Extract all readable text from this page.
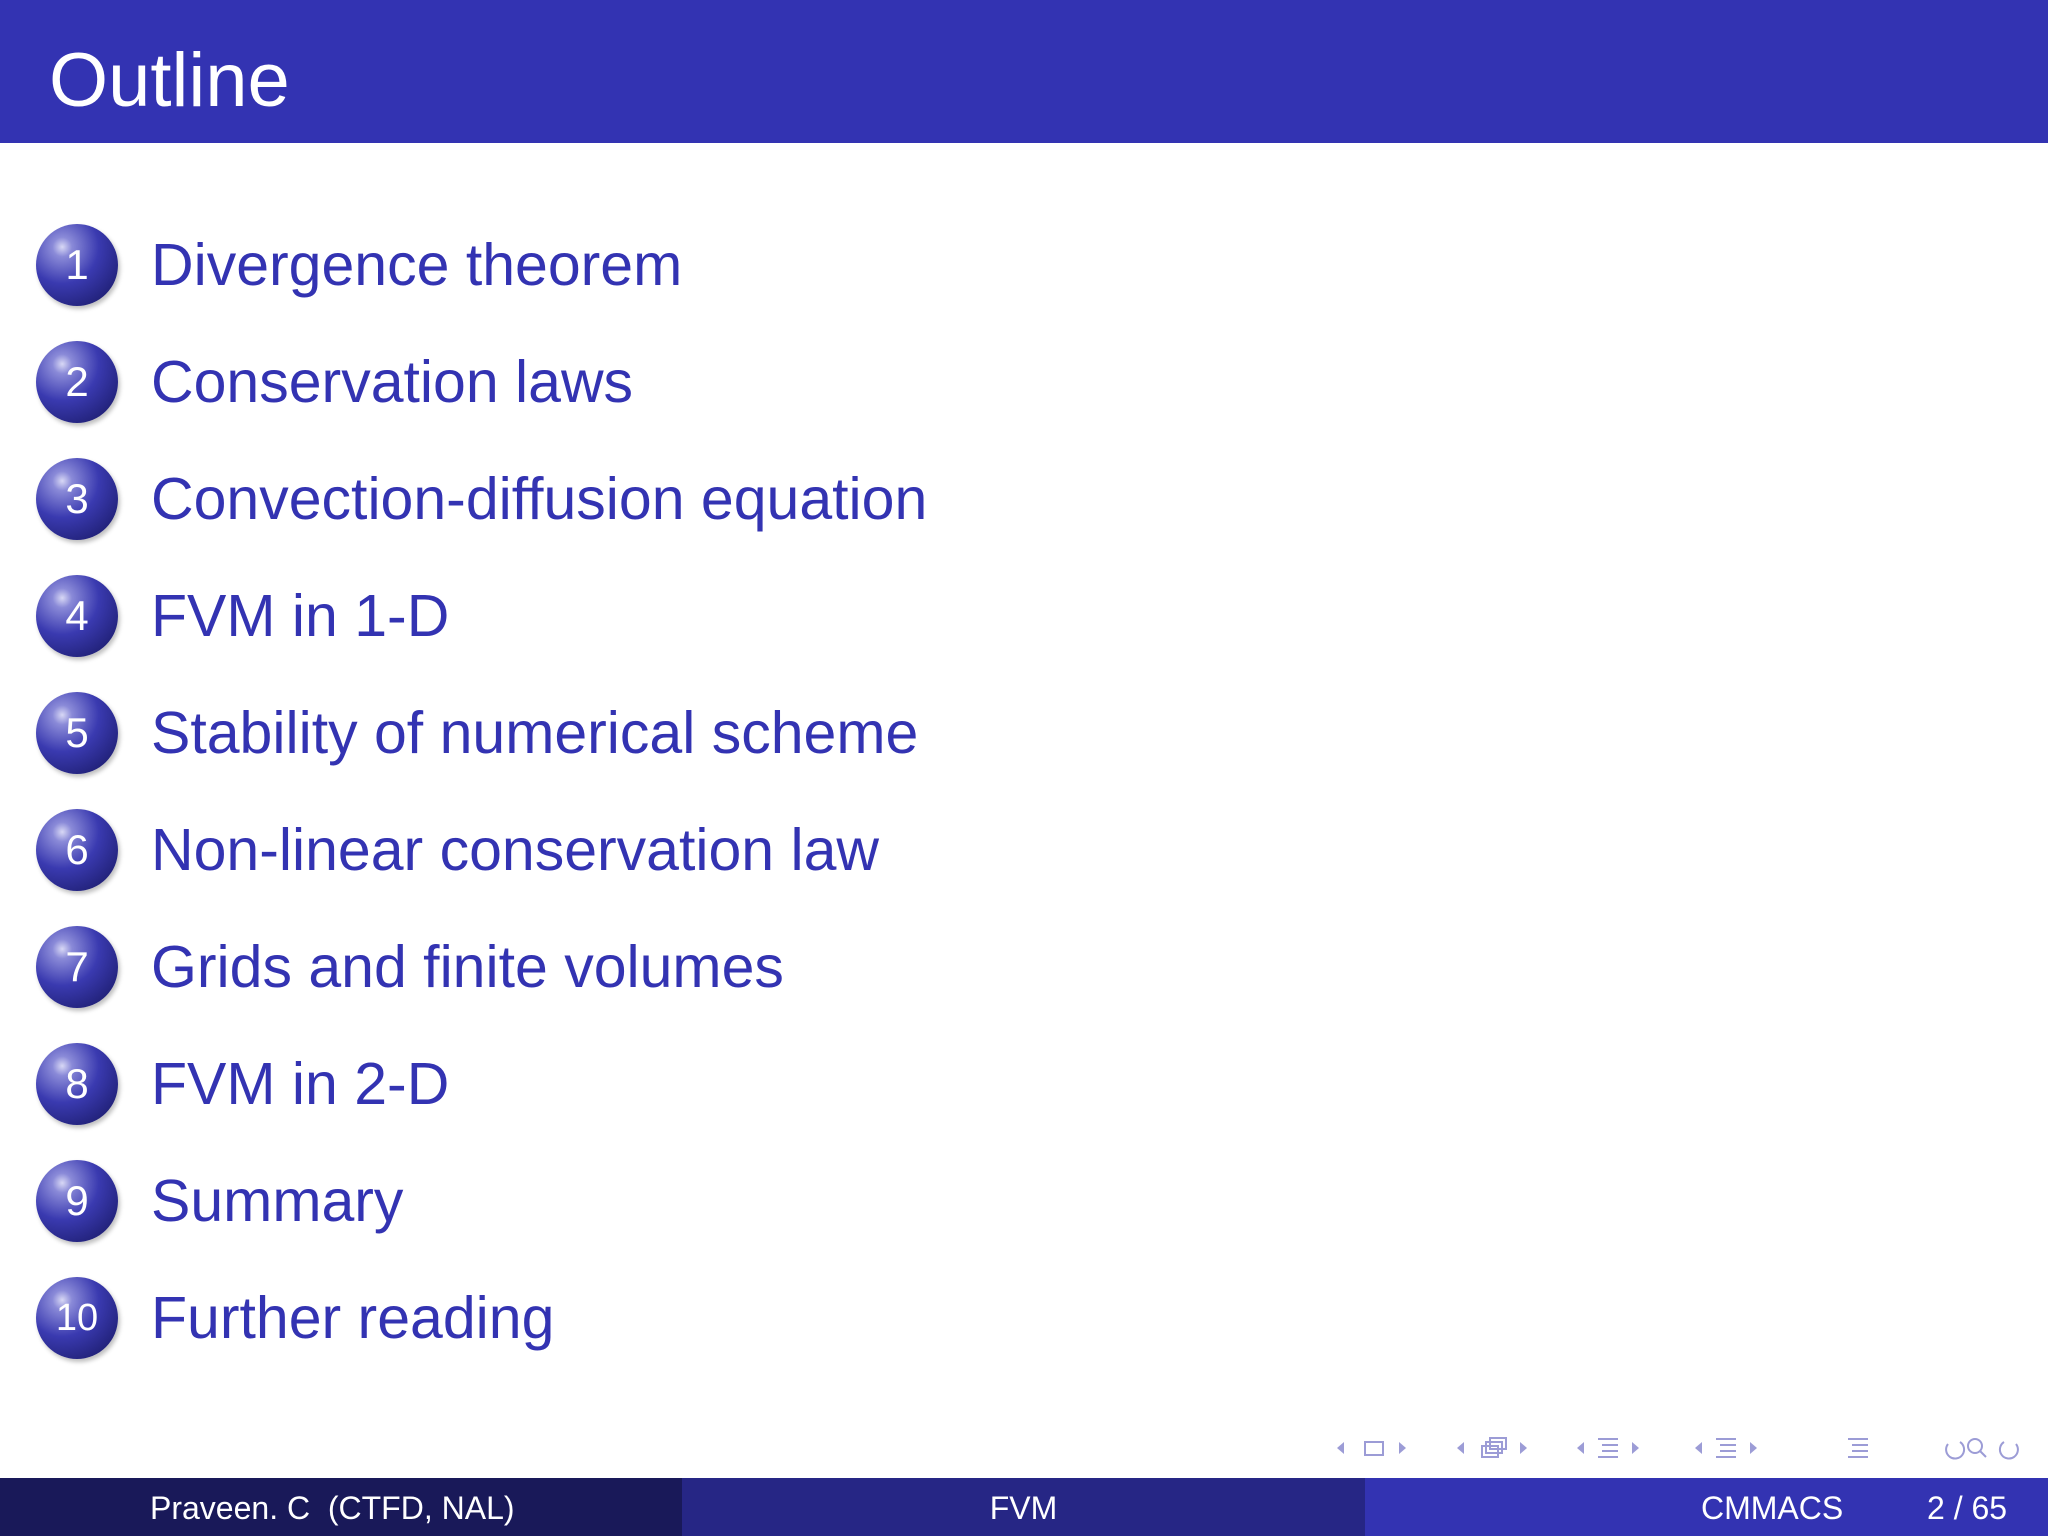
Outline
1	Divergence theorem
2	Conservation laws
3	Convection-diffusion equation
4	FVM in 1-D
5	Stability of numerical scheme
6	Non-linear conservation law
7	Grids and finite volumes
8	FVM in 2-D
9	Summary
10 Further reading
Praveen. C  (CTFD, NAL)	FVM	CMMACS	2 / 65
